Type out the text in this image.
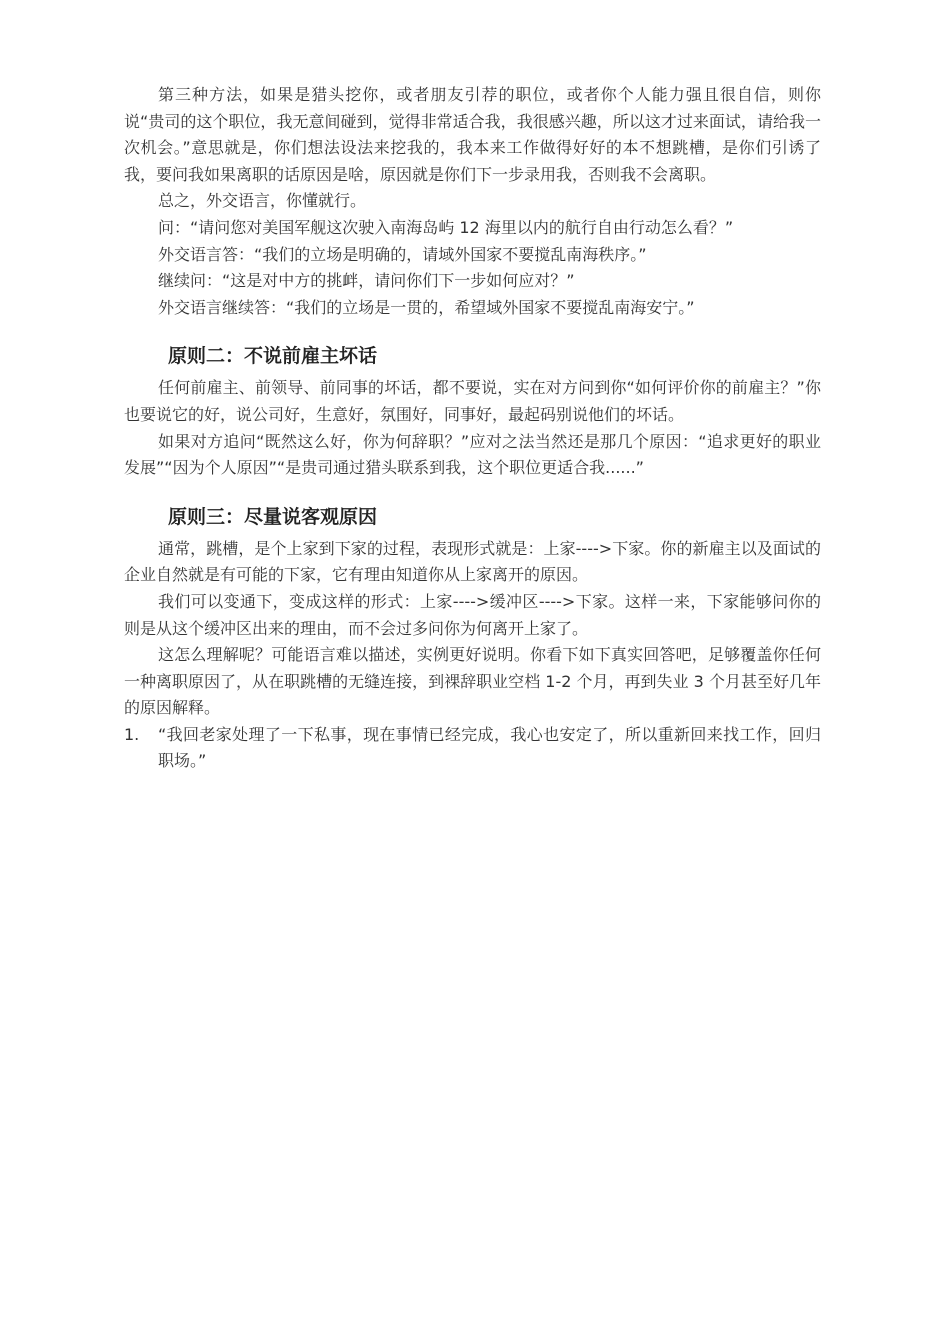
第三种方法，如果是猎头挖你，或者朋友引荐的职位，或者你个人能力强且很自信，则你说“贵司的这个职位，我无意间碰到，觉得非常适合我，我很感兴趣，所以这才过来面试，请给我一次机会。”意思就是，你们想法设法来挖我的，我本来工作做得好好的本不想跳槽，是你们引诱了我，要问我如果离职的话原因是啥，原因就是你们下一步录用我，否则我不会离职。

总之，外交语言，你懂就行。

问：“请问您对美国军舰这次驶入南海岛屿 12 海里以内的航行自由行动怎么看？”

外交语言答：“我们的立场是明确的，请域外国家不要搅乱南海秩序。”

继续问：“这是对中方的挑衅，请问你们下一步如何应对？”

外交语言继续答：“我们的立场是一贯的，希望域外国家不要搅乱南海安宁。”

原则二：不说前雇主坏话

任何前雇主、前领导、前同事的坏话，都不要说，实在对方问到你“如何评价你的前雇主？”你也要说它的好，说公司好，生意好，氛围好，同事好，最起码别说他们的坏话。

如果对方追问“既然这么好，你为何辞职？”应对之法当然还是那几个原因：“追求更好的职业发展”“因为个人原因”“是贵司通过猎头联系到我，这个职位更适合我......”

原则三：尽量说客观原因

通常，跳槽，是个上家到下家的过程，表现形式就是：上家---->下家。你的新雇主以及面试的企业自然就是有可能的下家，它有理由知道你从上家离开的原因。

我们可以变通下，变成这样的形式：上家---->缓冲区---->下家。这样一来，下家能够问你的则是从这个缓冲区出来的理由，而不会过多问你为何离开上家了。

这怎么理解呢？可能语言难以描述，实例更好说明。你看下如下真实回答吧，足够覆盖你任何一种离职原因了，从在职跳槽的无缝连接，到裸辞职业空档 1-2 个月，再到失业 3 个月甚至好几年的原因解释。

1. “我回老家处理了一下私事，现在事情已经完成，我心也安定了，所以重新回来找工作，回归职场。”
